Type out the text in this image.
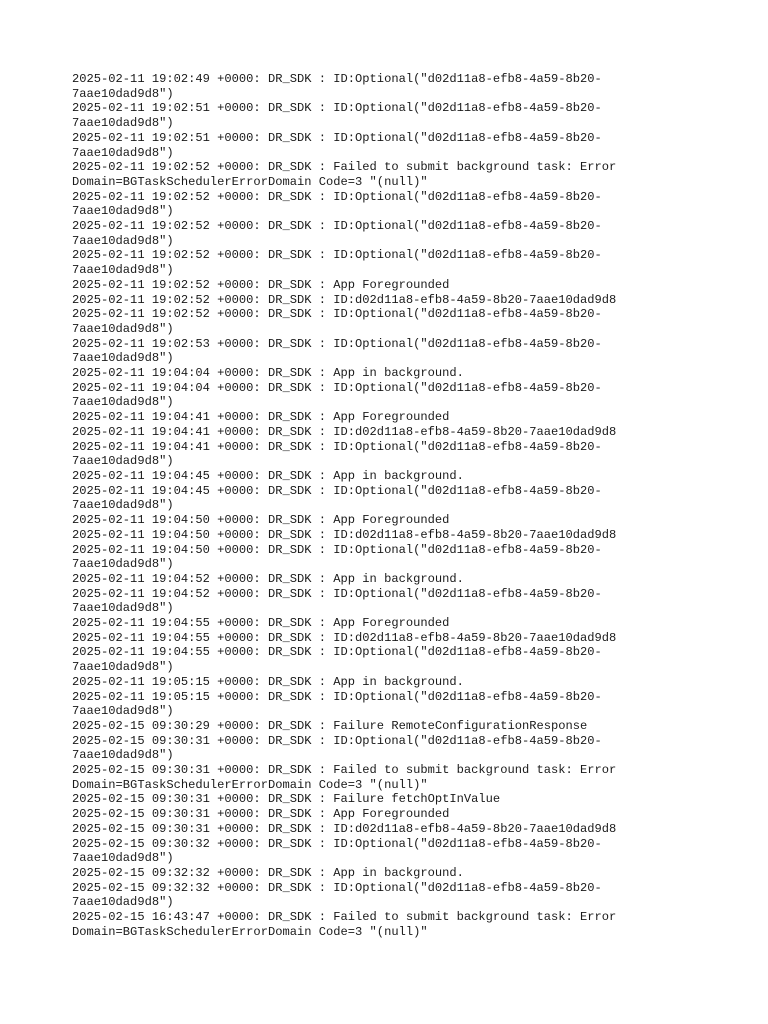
2025-02-11 19:02:49 +0000: DR_SDK : ID:Optional("d02d11a8-efb8-4a59-8b20-
7aae10dad9d8")
2025-02-11 19:02:51 +0000: DR_SDK : ID:Optional("d02d11a8-efb8-4a59-8b20-
7aae10dad9d8")
2025-02-11 19:02:51 +0000: DR_SDK : ID:Optional("d02d11a8-efb8-4a59-8b20-
7aae10dad9d8")
2025-02-11 19:02:52 +0000: DR_SDK : Failed to submit background task: Error
Domain=BGTaskSchedulerErrorDomain Code=3 "(null)"
2025-02-11 19:02:52 +0000: DR_SDK : ID:Optional("d02d11a8-efb8-4a59-8b20-
7aae10dad9d8")
2025-02-11 19:02:52 +0000: DR_SDK : ID:Optional("d02d11a8-efb8-4a59-8b20-
7aae10dad9d8")
2025-02-11 19:02:52 +0000: DR_SDK : ID:Optional("d02d11a8-efb8-4a59-8b20-
7aae10dad9d8")
2025-02-11 19:02:52 +0000: DR_SDK : App Foregrounded
2025-02-11 19:02:52 +0000: DR_SDK : ID:d02d11a8-efb8-4a59-8b20-7aae10dad9d8
2025-02-11 19:02:52 +0000: DR_SDK : ID:Optional("d02d11a8-efb8-4a59-8b20-
7aae10dad9d8")
2025-02-11 19:02:53 +0000: DR_SDK : ID:Optional("d02d11a8-efb8-4a59-8b20-
7aae10dad9d8")
2025-02-11 19:04:04 +0000: DR_SDK : App in background.
2025-02-11 19:04:04 +0000: DR_SDK : ID:Optional("d02d11a8-efb8-4a59-8b20-
7aae10dad9d8")
2025-02-11 19:04:41 +0000: DR_SDK : App Foregrounded
2025-02-11 19:04:41 +0000: DR_SDK : ID:d02d11a8-efb8-4a59-8b20-7aae10dad9d8
2025-02-11 19:04:41 +0000: DR_SDK : ID:Optional("d02d11a8-efb8-4a59-8b20-
7aae10dad9d8")
2025-02-11 19:04:45 +0000: DR_SDK : App in background.
2025-02-11 19:04:45 +0000: DR_SDK : ID:Optional("d02d11a8-efb8-4a59-8b20-
7aae10dad9d8")
2025-02-11 19:04:50 +0000: DR_SDK : App Foregrounded
2025-02-11 19:04:50 +0000: DR_SDK : ID:d02d11a8-efb8-4a59-8b20-7aae10dad9d8
2025-02-11 19:04:50 +0000: DR_SDK : ID:Optional("d02d11a8-efb8-4a59-8b20-
7aae10dad9d8")
2025-02-11 19:04:52 +0000: DR_SDK : App in background.
2025-02-11 19:04:52 +0000: DR_SDK : ID:Optional("d02d11a8-efb8-4a59-8b20-
7aae10dad9d8")
2025-02-11 19:04:55 +0000: DR_SDK : App Foregrounded
2025-02-11 19:04:55 +0000: DR_SDK : ID:d02d11a8-efb8-4a59-8b20-7aae10dad9d8
2025-02-11 19:04:55 +0000: DR_SDK : ID:Optional("d02d11a8-efb8-4a59-8b20-
7aae10dad9d8")
2025-02-11 19:05:15 +0000: DR_SDK : App in background.
2025-02-11 19:05:15 +0000: DR_SDK : ID:Optional("d02d11a8-efb8-4a59-8b20-
7aae10dad9d8")
2025-02-15 09:30:29 +0000: DR_SDK : Failure RemoteConfigurationResponse
2025-02-15 09:30:31 +0000: DR_SDK : ID:Optional("d02d11a8-efb8-4a59-8b20-
7aae10dad9d8")
2025-02-15 09:30:31 +0000: DR_SDK : Failed to submit background task: Error
Domain=BGTaskSchedulerErrorDomain Code=3 "(null)"
2025-02-15 09:30:31 +0000: DR_SDK : Failure fetchOptInValue
2025-02-15 09:30:31 +0000: DR_SDK : App Foregrounded
2025-02-15 09:30:31 +0000: DR_SDK : ID:d02d11a8-efb8-4a59-8b20-7aae10dad9d8
2025-02-15 09:30:32 +0000: DR_SDK : ID:Optional("d02d11a8-efb8-4a59-8b20-
7aae10dad9d8")
2025-02-15 09:32:32 +0000: DR_SDK : App in background.
2025-02-15 09:32:32 +0000: DR_SDK : ID:Optional("d02d11a8-efb8-4a59-8b20-
7aae10dad9d8")
2025-02-15 16:43:47 +0000: DR_SDK : Failed to submit background task: Error
Domain=BGTaskSchedulerErrorDomain Code=3 "(null)"
